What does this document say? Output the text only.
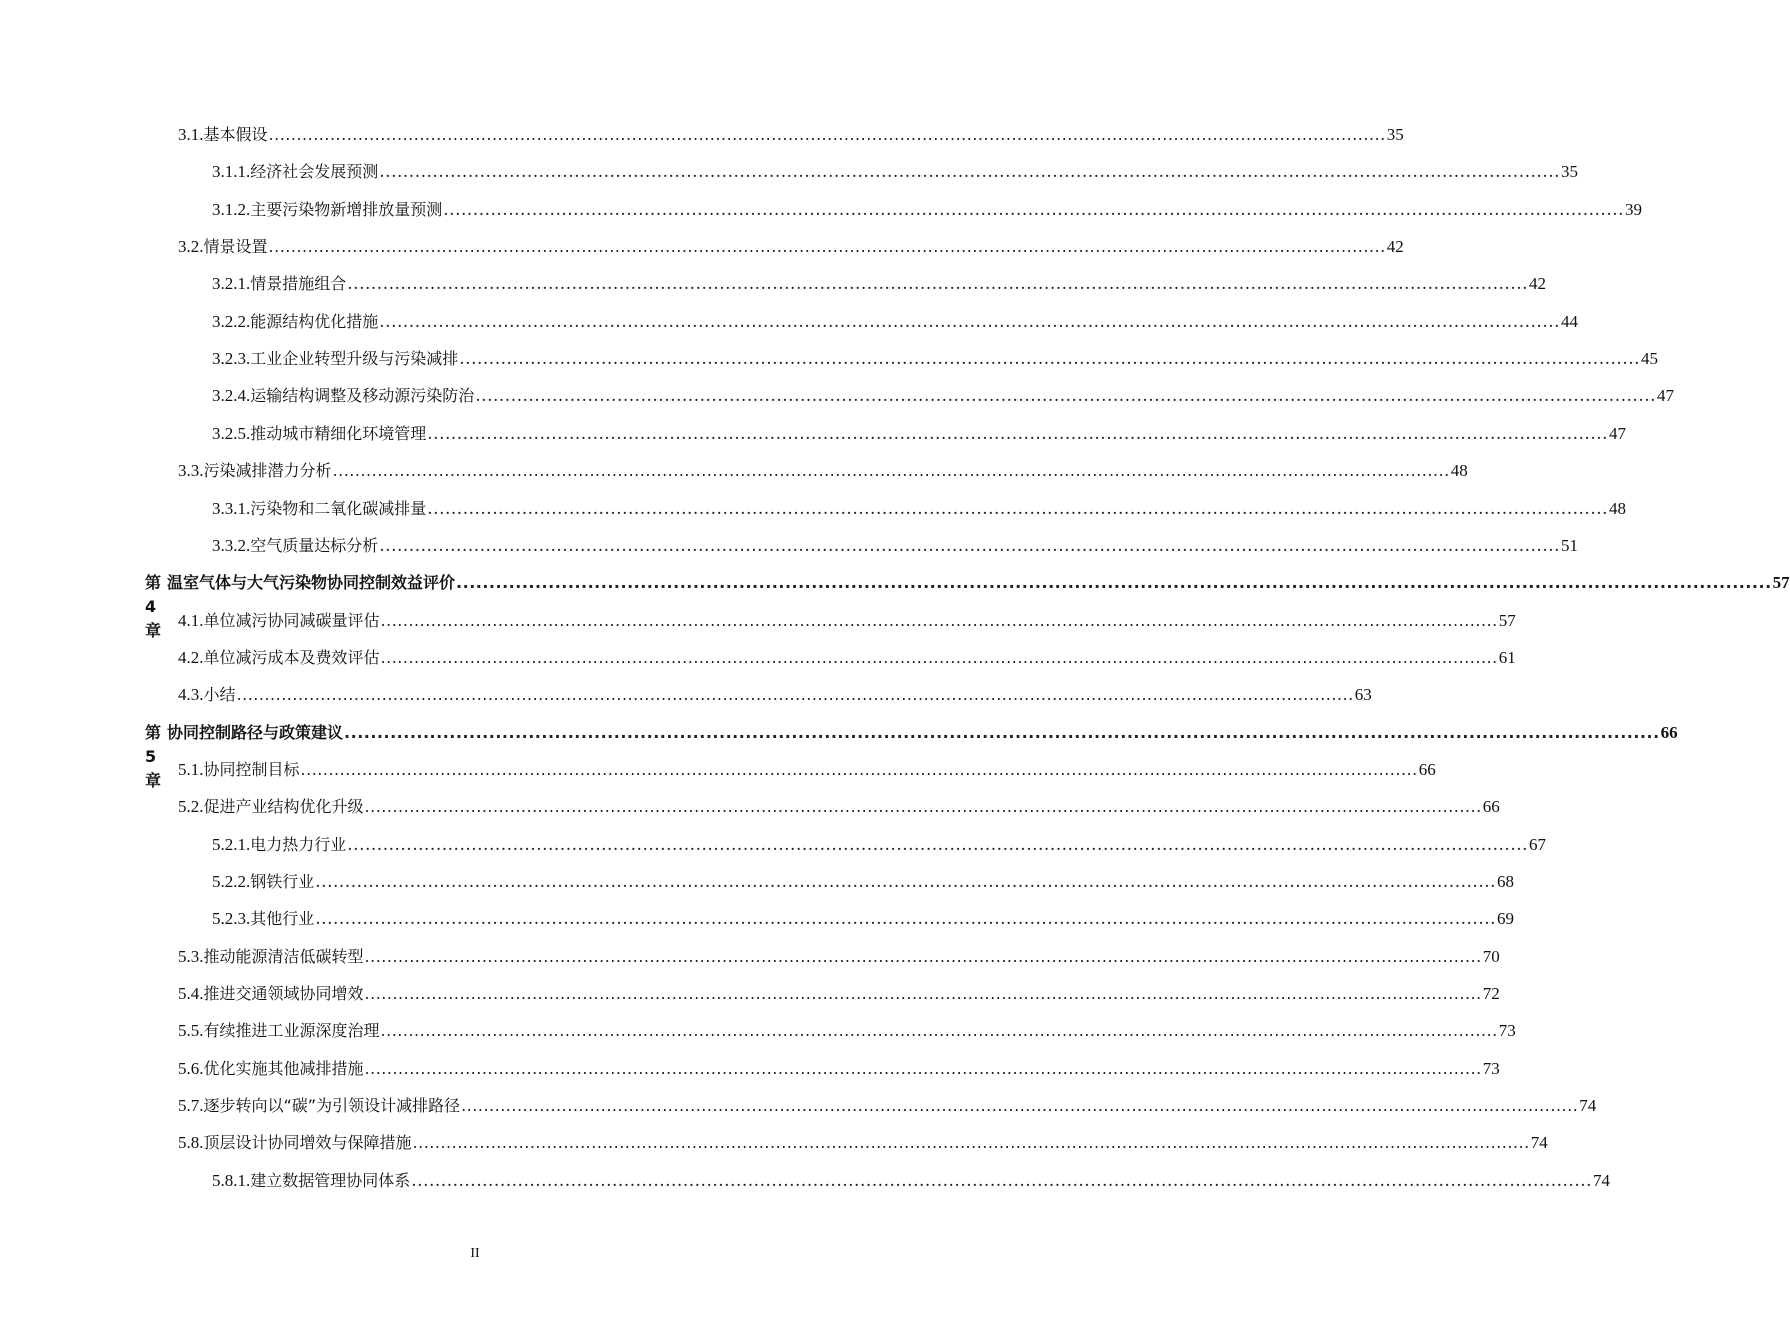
3.1. 基本假设 ........................................................................................................................................................................................................ 35
3.1.1. 经济社会发展预测 ........................................................................................................................................................................................................ 35
3.1.2. 主要污染物新增排放量预测 ........................................................................................................................................................................................................ 39
3.2. 情景设置 ........................................................................................................................................................................................................ 42
3.2.1. 情景措施组合 ........................................................................................................................................................................................................ 42
3.2.2. 能源结构优化措施 ........................................................................................................................................................................................................ 44
3.2.3. 工业企业转型升级与污染减排 ........................................................................................................................................................................................................ 45
3.2.4. 运输结构调整及移动源污染防治 ........................................................................................................................................................................................................ 47
3.2.5. 推动城市精细化环境管理 ........................................................................................................................................................................................................ 47
3.3. 污染减排潜力分析 ........................................................................................................................................................................................................ 48
3.3.1. 污染物和二氧化碳减排量 ........................................................................................................................................................................................................ 48
3.3.2. 空气质量达标分析 ........................................................................................................................................................................................................ 51
第 4 章
温室气体与大气污染物协同控制效益评价 ........................................................................................................................................................................................................ 57
4.1. 单位减污协同减碳量评估 ........................................................................................................................................................................................................ 57
4.2. 单位减污成本及费效评估 ........................................................................................................................................................................................................ 61
4.3. 小结 ........................................................................................................................................................................................................ 63
第 5 章
协同控制路径与政策建议 ........................................................................................................................................................................................................ 66
5.1. 协同控制目标 ........................................................................................................................................................................................................ 66
5.2. 促进产业结构优化升级 ........................................................................................................................................................................................................ 66
5.2.1. 电力热力行业 ........................................................................................................................................................................................................ 67
5.2.2. 钢铁行业 ........................................................................................................................................................................................................ 68
5.2.3. 其他行业 ........................................................................................................................................................................................................ 69
5.3. 推动能源清洁低碳转型 ........................................................................................................................................................................................................ 70
5.4. 推进交通领域协同增效 ........................................................................................................................................................................................................ 72
5.5. 有续推进工业源深度治理 ........................................................................................................................................................................................................ 73
5.6. 优化实施其他减排措施 ........................................................................................................................................................................................................ 73
5.7. 逐步转向以“碳”为引领设计减排路径 ........................................................................................................................................................................................................ 74
5.8. 顶层设计协同增效与保障措施 ........................................................................................................................................................................................................ 74
5.8.1. 建立数据管理协同体系 ........................................................................................................................................................................................................ 74
II
